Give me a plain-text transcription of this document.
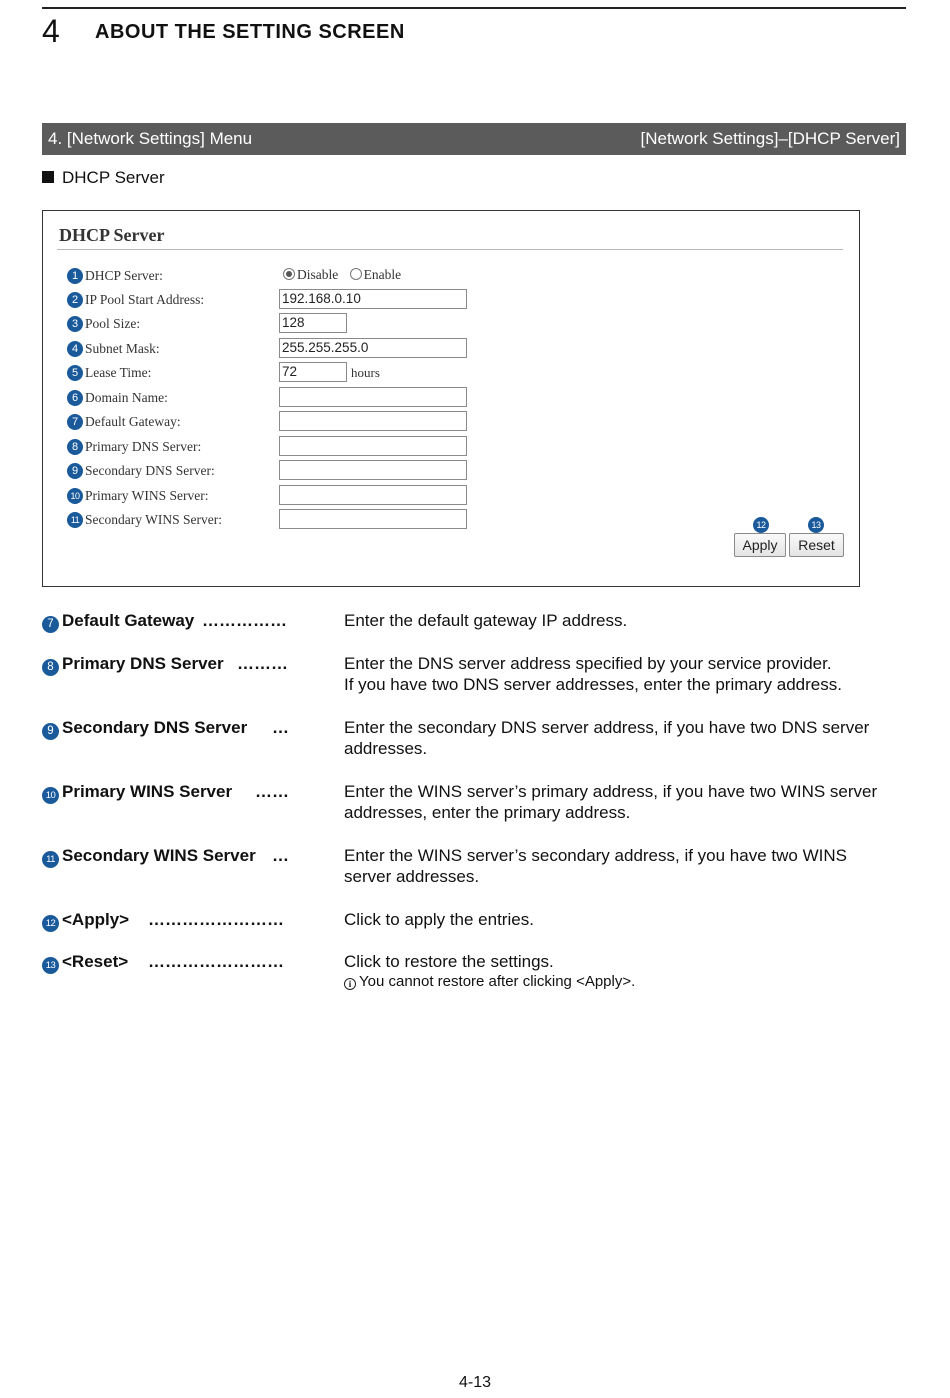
4 ABOUT THE SETTING SCREEN
4. [Network Settings] Menu	[Network Settings]–[DHCP Server]
DHCP Server
DHCP Server
1 DHCP Server:	Disable Enable
2 IP Pool Start Address:	192.168.0.10
3 Pool Size:	128
4 Subnet Mask:	255.255.255.0
5 Lease Time:	72	hours
6 Domain Name:
7 Default Gateway:
8 Primary DNS Server:
9 Secondary DNS Server:
10 Primary WINS Server:
11 Secondary WINS Server:	12	13
Apply	Reset
7 Default Gateway ……………	Enter the default gateway IP address.
8 Primary DNS Server ………	Enter the DNS server address specified by your service provider.
If you have two DNS server addresses, enter the primary address.
9 Secondary DNS Server	…	Enter the secondary DNS server address, if you have two DNS server
addresses.
10 Primary WINS Server	……	Enter the WINS server’s primary address, if you have two WINS server
addresses, enter the primary address.
11 Secondary WINS Server …	Enter the WINS server’s secondary address, if you have two WINS
server addresses.
12 <Apply>	……………………	Click to apply the entries.
13 <Reset>	……………………	Click to restore the settings.
i You cannot restore after clicking <Apply>.
4-13
